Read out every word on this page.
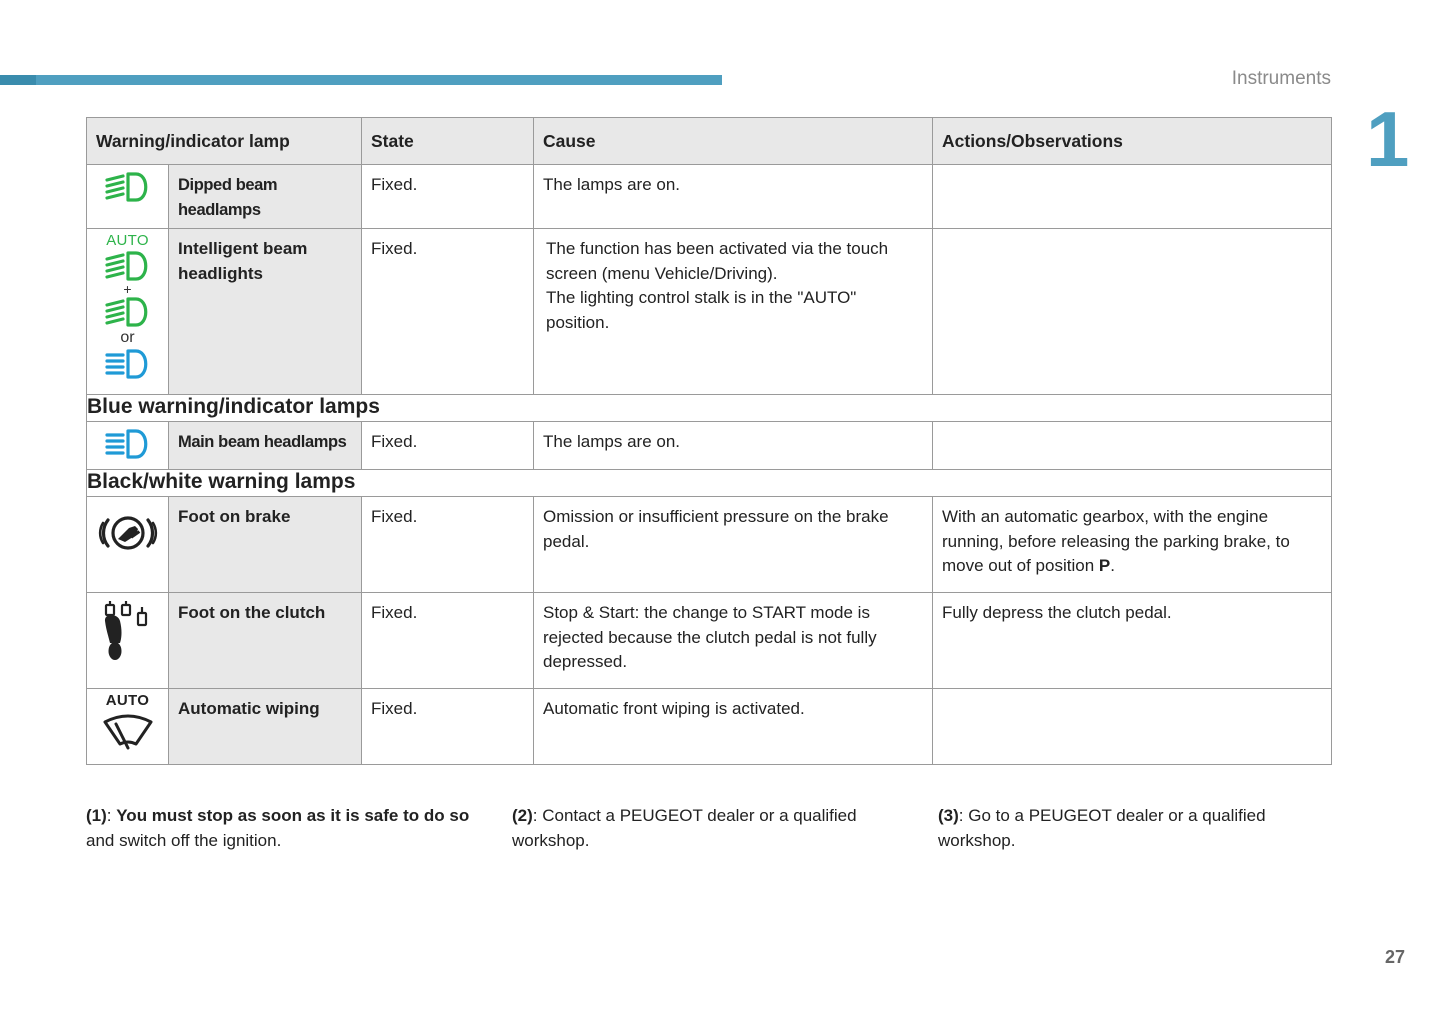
Instruments
1
Warning/indicator lamp		State	Cause	Actions/Observations

Dipped beam headlamps	Fixed.	The lamps are on.	

AUTO
+
or	Intelligent beam headlights	Fixed.	The function has been activated via the touch screen (menu Vehicle/Driving).
The lighting control stalk is in the "AUTO" position.	

Blue warning/indicator lamps				

Main beam headlamps	Fixed.	The lamps are on.	

Black/white warning lamps				

Foot on brake	Fixed.	Omission or insufficient pressure on the brake pedal.	With an automatic gearbox, with the engine running, before releasing the parking brake, to move out of position P.

Foot on the clutch	Fixed.	Stop & Start: the change to START mode is rejected because the clutch pedal is not fully depressed.	Fully depress the clutch pedal.

AUTO	Automatic wiping	Fixed.	Automatic front wiping is activated.	

(1): You must stop as soon as it is safe to do so and switch off the ignition.
(2): Contact a PEUGEOT dealer or a qualified workshop.
(3): Go to a PEUGEOT dealer or a qualified workshop.
27
